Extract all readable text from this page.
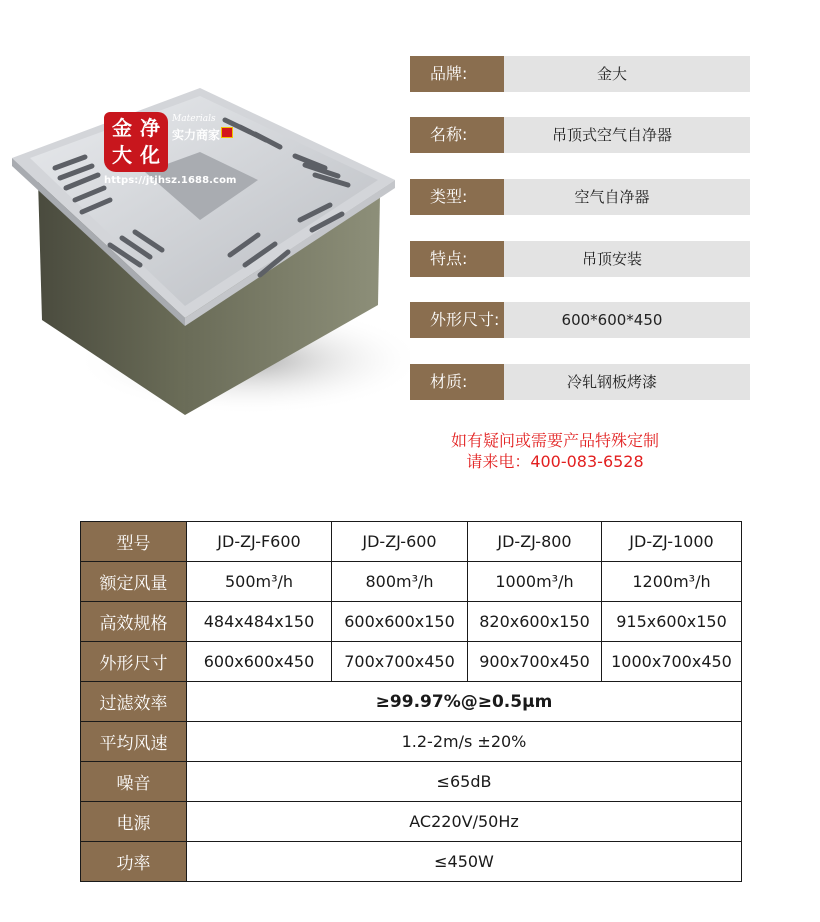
金 净
大 化
Materials
实力商家
https://jtjhsz.1688.com
品牌:	金大
名称:	吊顶式空气自净器
类型:	空气自净器
特点:	吊顶安装
外形尺寸:	600*600*450
材质:	冷轧钢板烤漆
如有疑问或需要产品特殊定制
请来电：400-083-6528
型号	JD-ZJ-F600	JD-ZJ-600	JD-ZJ-800	JD-ZJ-1000
额定风量	500m³/h	800m³/h	1000m³/h	1200m³/h
高效规格	484x484x150	600x600x150	820x600x150	915x600x150
外形尺寸	600x600x450	700x700x450	900x700x450	1000x700x450
过滤效率	≥99.97%@≥0.5μm			
平均风速	1.2-2m/s ±20%			
噪音	≤65dB			
电源	AC220V/50Hz			
功率	≤450W			
